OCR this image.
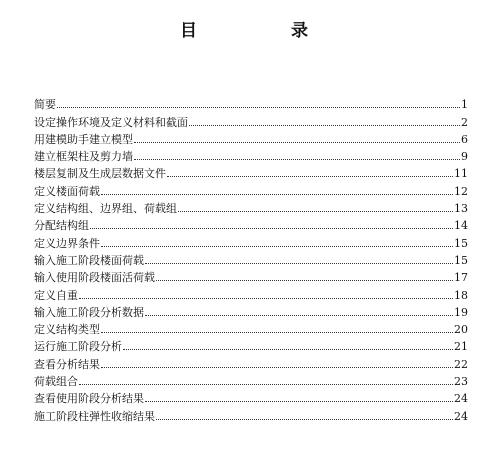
目 录
简要	1
设定操作环境及定义材料和截面	2
用建模助手建立模型	6
建立框架柱及剪力墙	9
楼层复制及生成层数据文件	11
定义楼面荷载	12
定义结构组、边界组、荷载组	13
分配结构组	14
定义边界条件	15
输入施工阶段楼面荷载	15
输入使用阶段楼面活荷载	17
定义自重	18
输入施工阶段分析数据	19
定义结构类型	20
运行施工阶段分析	21
查看分析结果	22
荷载组合	23
查看使用阶段分析结果	24
施工阶段柱弹性收缩结果	24
